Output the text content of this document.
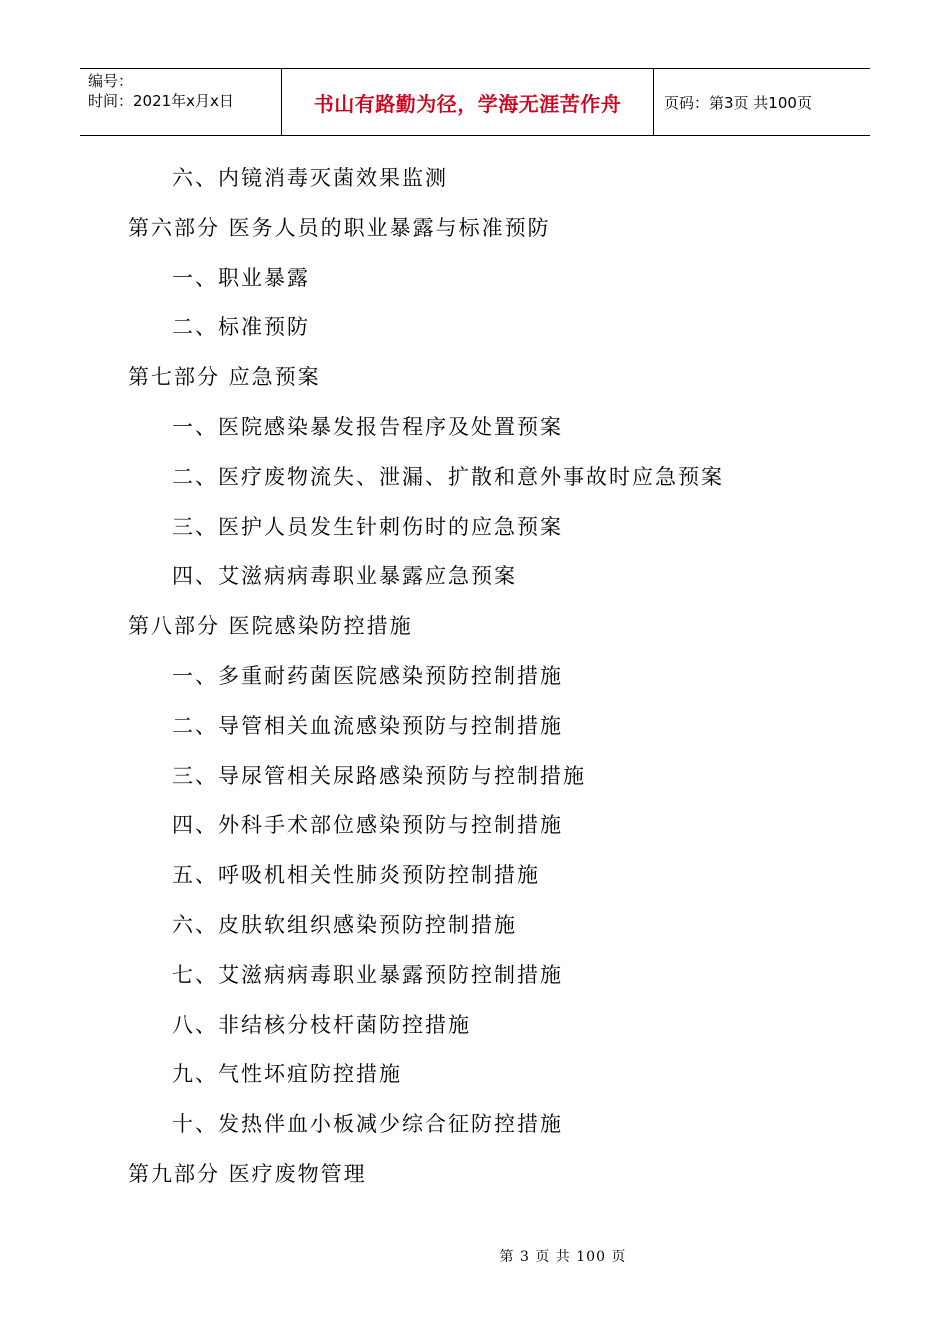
编号：
时间：2021年x月x日	书山有路勤为径，学海无涯苦作舟	页码：第3页 共100页
六、内镜消毒灭菌效果监测
第六部分 医务人员的职业暴露与标准预防
一、职业暴露
二、标准预防
第七部分 应急预案
一、医院感染暴发报告程序及处置预案
二、医疗废物流失、泄漏、扩散和意外事故时应急预案
三、医护人员发生针刺伤时的应急预案
四、艾滋病病毒职业暴露应急预案
第八部分 医院感染防控措施
一、多重耐药菌医院感染预防控制措施
二、导管相关血流感染预防与控制措施
三、导尿管相关尿路感染预防与控制措施
四、外科手术部位感染预防与控制措施
五、呼吸机相关性肺炎预防控制措施
六、皮肤软组织感染预防控制措施
七、艾滋病病毒职业暴露预防控制措施
八、非结核分枝杆菌防控措施
九、气性坏疽防控措施
十、发热伴血小板减少综合征防控措施
第九部分 医疗废物管理
第 3 页 共 100 页
